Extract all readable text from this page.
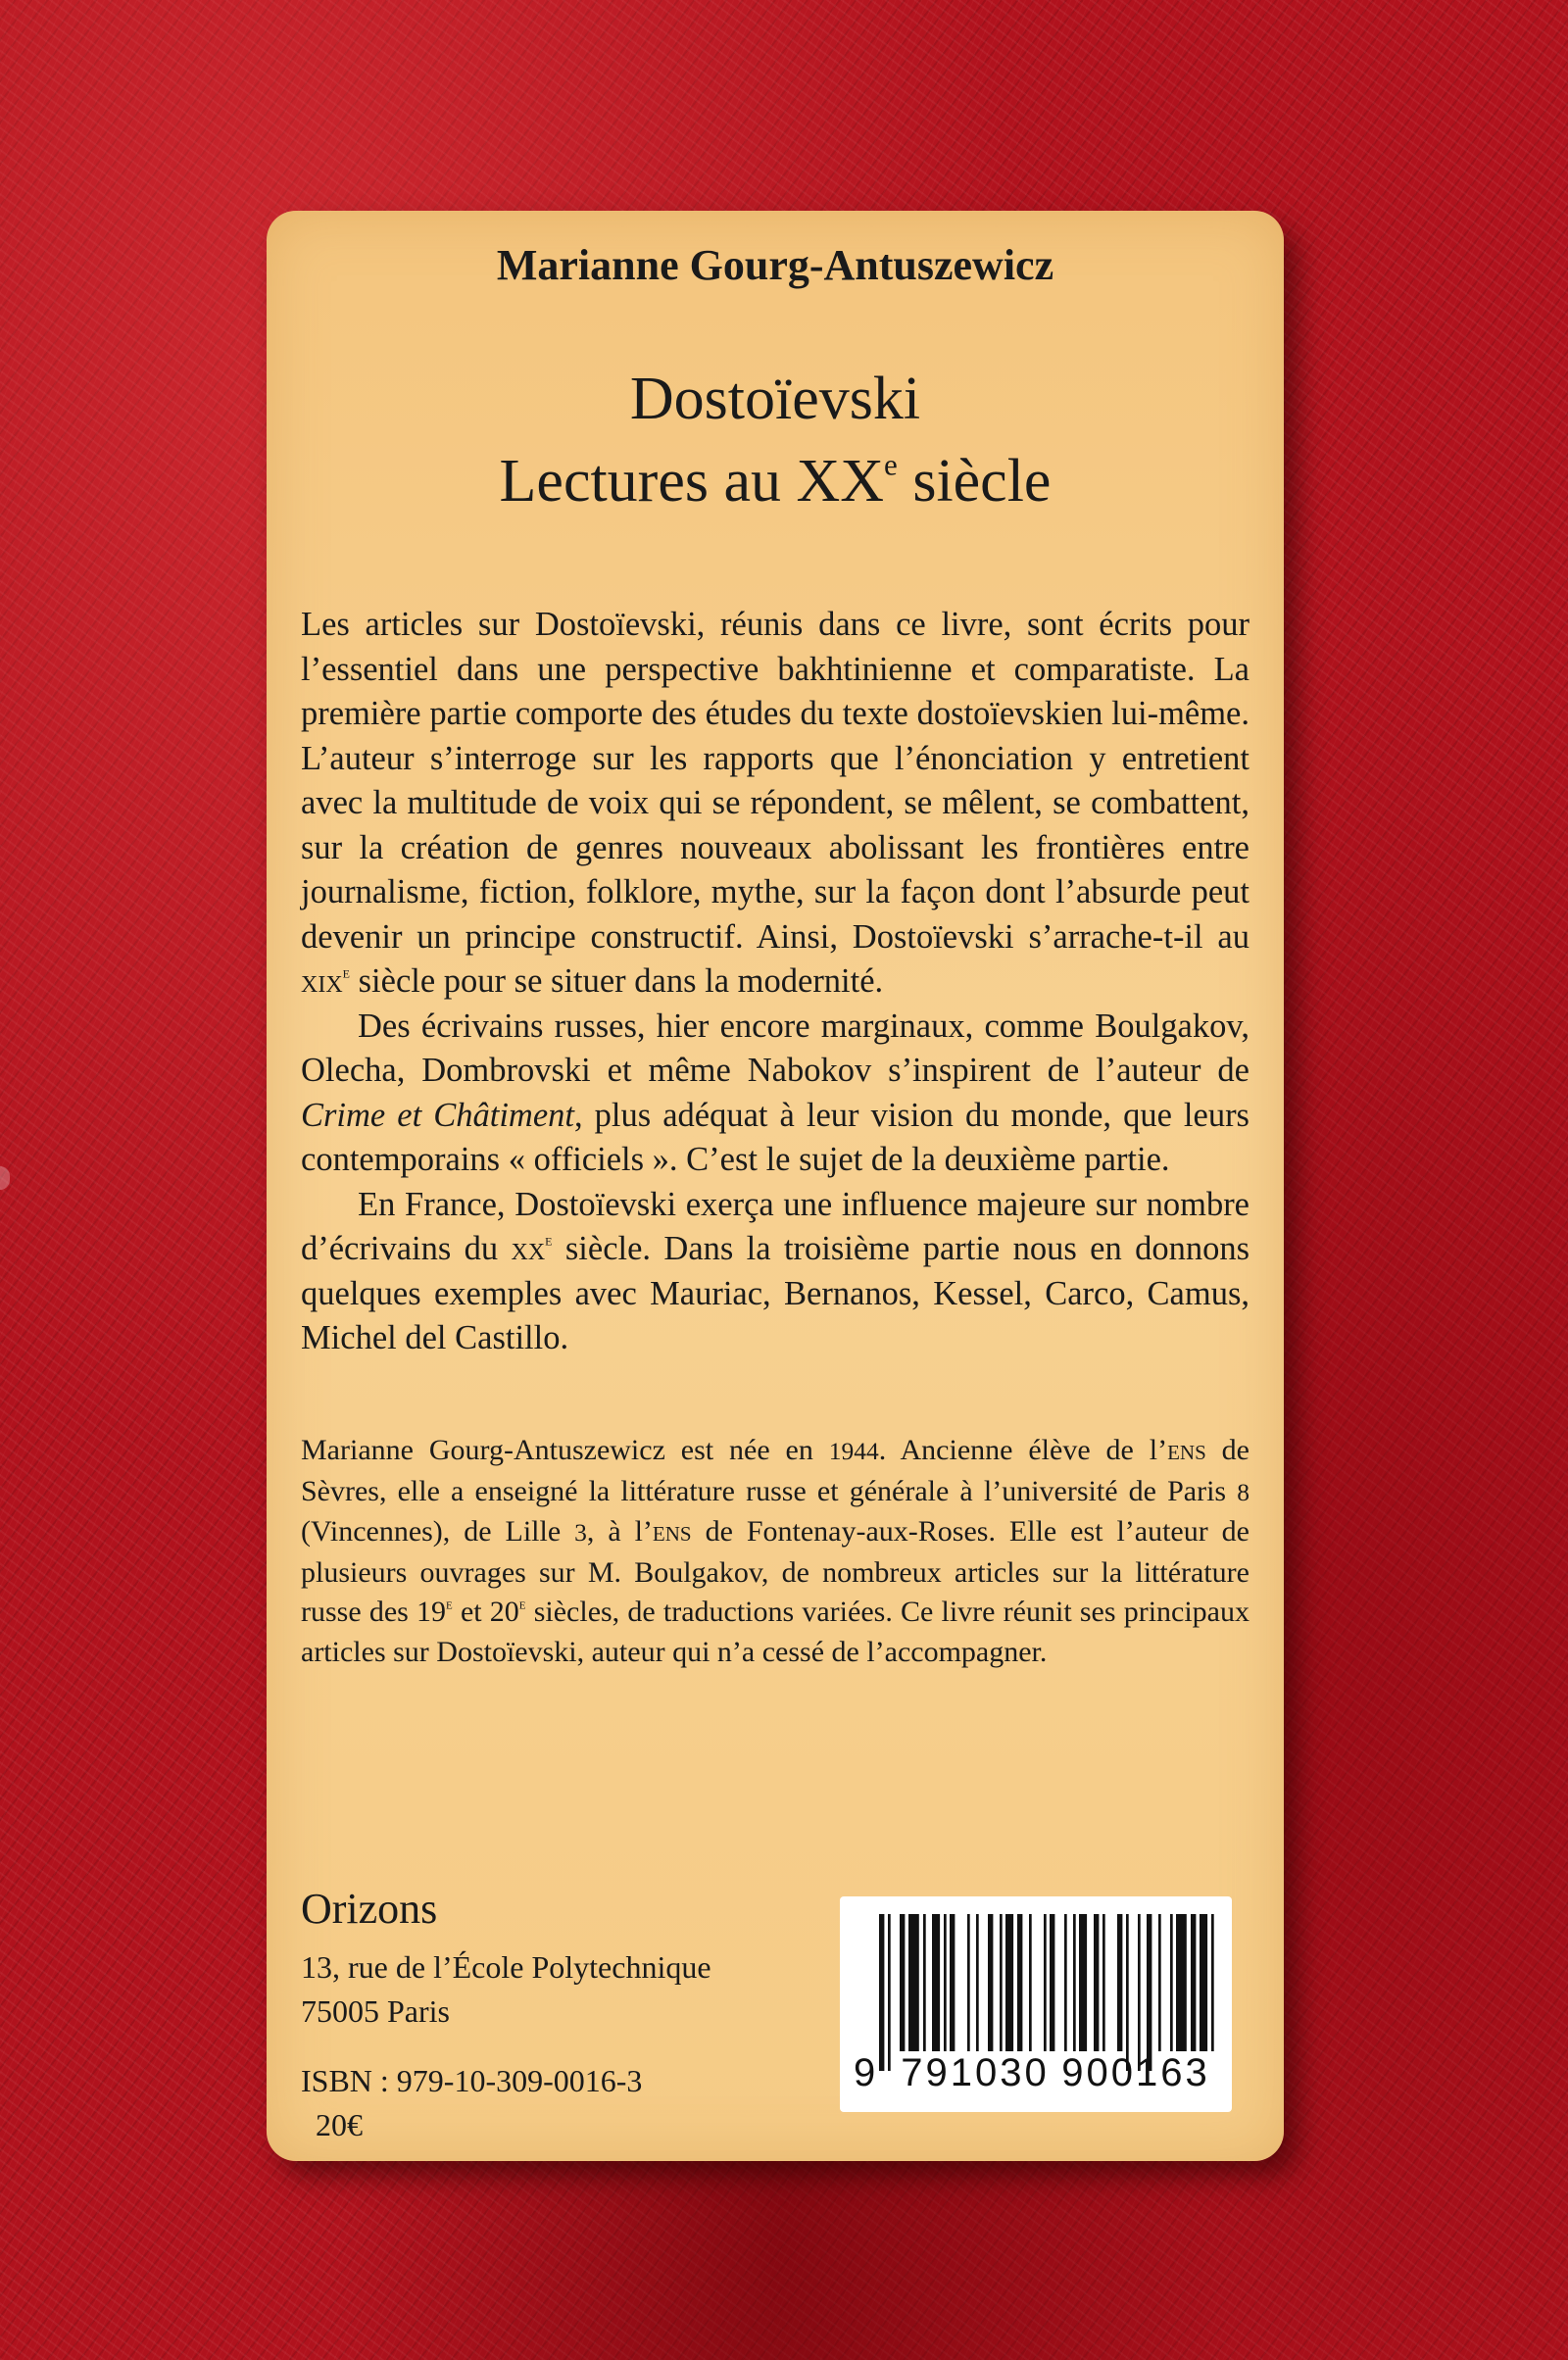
Marianne Gourg-Antuszewicz
Dostoïevski
Lectures au XXe siècle

Les articles sur Dostoïevski, réunis dans ce livre, sont écrits pour l’essentiel dans une perspective bakhtinienne et comparatiste. La première partie comporte des études du texte dostoïevskien lui-même. L’auteur s’interroge sur les rapports que l’énonciation y entretient avec la multitude de voix qui se répondent, se mêlent, se combattent, sur la création de genres nouveaux abolissant les frontières entre journalisme, fiction, folklore, mythe, sur la façon dont l’absurde peut devenir un principe constructif. Ainsi, Dostoïevski s’arrache-t-il au xix$^e$ siècle pour se situer dans la modernité.

Des écrivains russes, hier encore marginaux, comme Boulgakov, Olecha, Dombrovski et même Nabokov s’inspirent de l’auteur de Crime et Châtiment, plus adéquat à leur vision du monde, que leurs contemporains « officiels ». C’est le sujet de la deuxième partie.

En France, Dostoïevski exerça une influence majeure sur nombre d’écrivains du $xx^e$ siècle. Dans la troisième partie nous en donnons quelques exemples avec Mauriac, Bernanos, Kessel, Carco, Camus, Michel del Castillo.

Marianne Gourg-Antuszewicz est née en 1944. Ancienne élève de l’ens de Sèvres, elle a enseigné la littérature russe et générale à l’université de Paris 8 (Vincennes), de Lille 3, à l’ens de Fontenay-aux-Roses. Elle est l’auteur de plusieurs ouvrages sur M. Boulgakov, de nombreux articles sur la littérature russe des 19e et 20e siècles, de traductions variées. Ce livre réunit ses principaux articles sur Dostoïevski, auteur qui n’a cessé de l’accompagner.

Orizons
13, rue de l’École Polytechnique
75005 Paris
ISBN : 979-10-309-0016-3
20€
9 791030 900163
